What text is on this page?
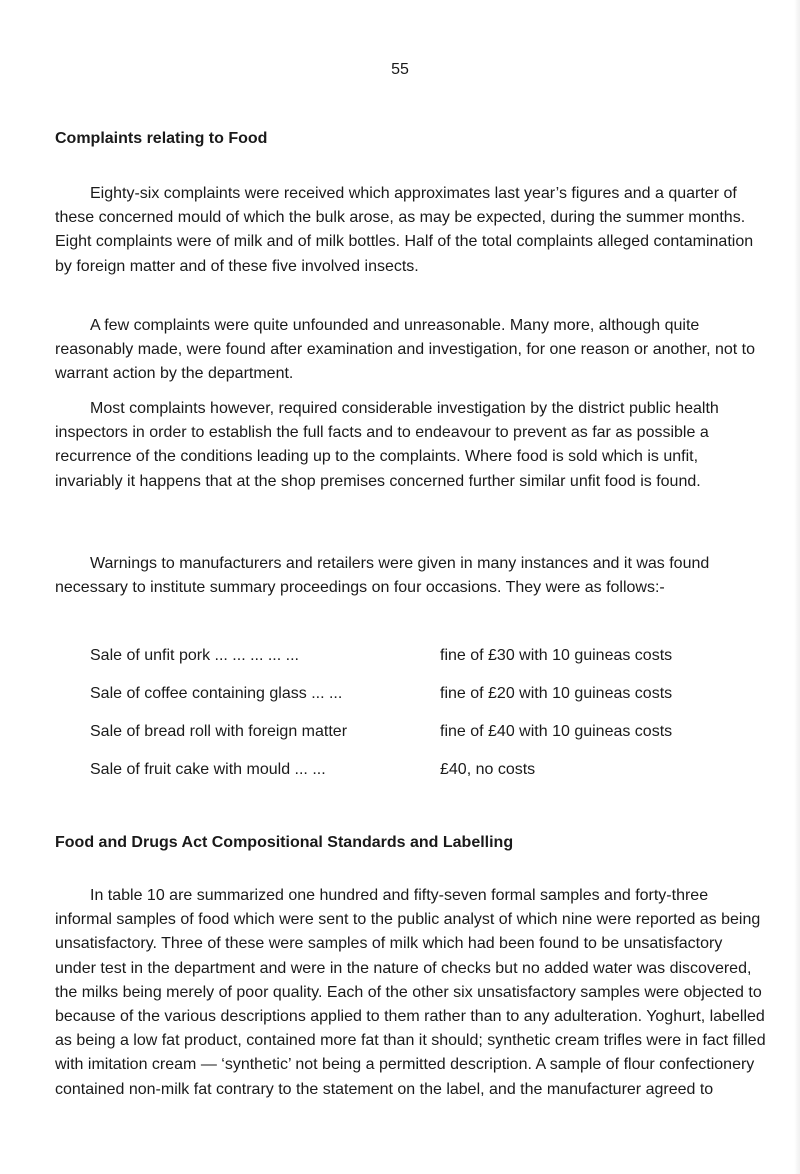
55
Complaints relating to Food

Eighty-six complaints were received which approximates last year’s figures and a quarter of these concerned mould of which the bulk arose, as may be expected, during the summer months. Eight complaints were of milk and of milk bottles. Half of the total complaints alleged contamination by foreign matter and of these five involved insects.

A few complaints were quite unfounded and unreasonable. Many more, although quite reasonably made, were found after examination and investigation, for one reason or another, not to warrant action by the department.

Most complaints however, required considerable investigation by the district public health inspectors in order to establish the full facts and to endeavour to prevent as far as possible a recurrence of the conditions leading up to the complaints. Where food is sold which is unfit, invariably it happens that at the shop premises concerned further similar unfit food is found.

Warnings to manufacturers and retailers were given in many instances and it was found necessary to institute summary proceedings on four occasions. They were as follows:-

Sale of unfit pork ... ... ... ... ...	fine of £30 with 10 guineas costs
Sale of coffee containing glass ... ...	fine of £20 with 10 guineas costs
Sale of bread roll with foreign matter	fine of £40 with 10 guineas costs
Sale of fruit cake with mould ... ...	£40, no costs
Food and Drugs Act Compositional Standards and Labelling

In table 10 are summarized one hundred and fifty-seven formal samples and forty-three informal samples of food which were sent to the public analyst of which nine were reported as being unsatisfactory. Three of these were samples of milk which had been found to be unsatisfactory under test in the department and were in the nature of checks but no added water was discovered, the milks being merely of poor quality. Each of the other six unsatisfactory samples were objected to because of the various descriptions applied to them rather than to any adulteration. Yoghurt, labelled as being a low fat product, contained more fat than it should; synthetic cream trifles were in fact filled with imitation cream — ‘synthetic’ not being a permitted description. A sample of flour confectionery contained non-milk fat contrary to the statement on the label, and the manufacturer agreed to
